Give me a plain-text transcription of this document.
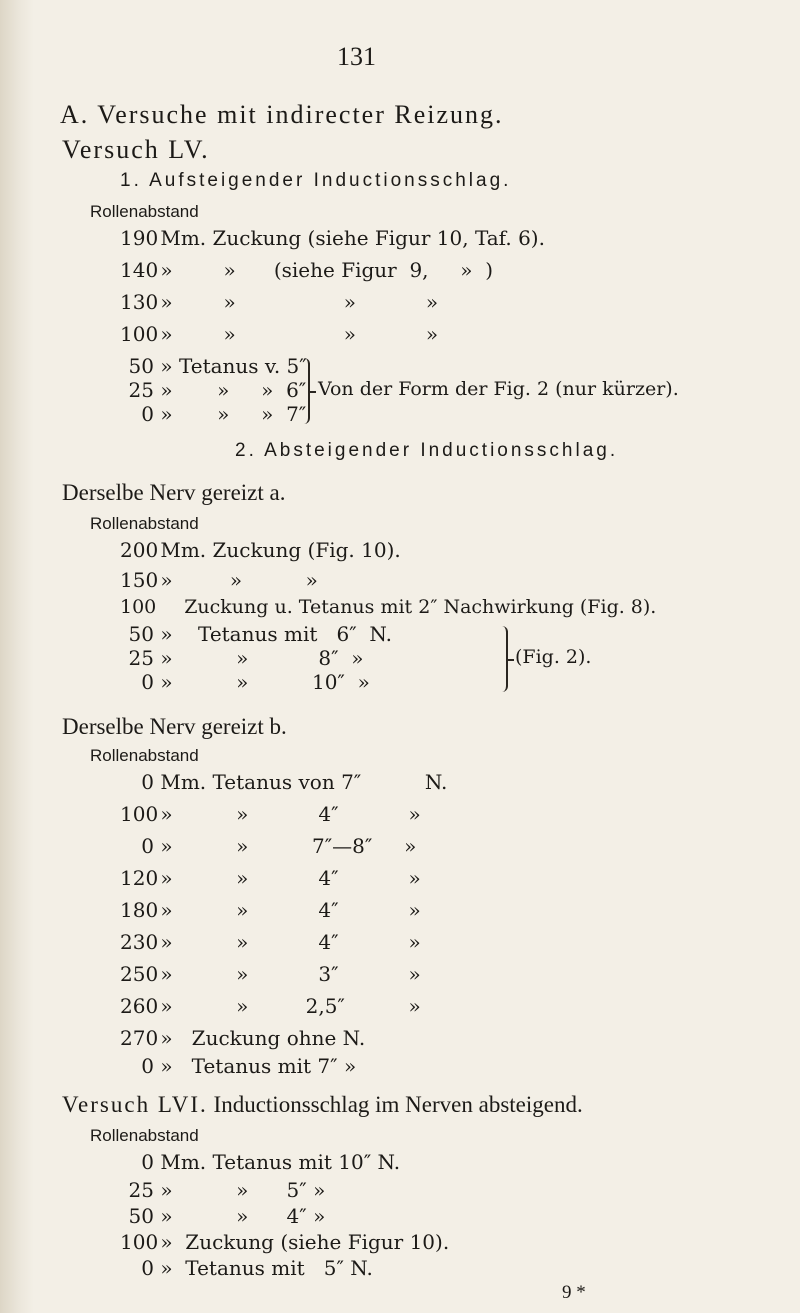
131
A. Versuche mit indirecter Reizung.
Versuch LV.
1. Aufsteigender Inductionsschlag.
Rollenabstand
190 Mm. Zuckung (siehe Figur 10, Taf. 6).
140 »        »      (siehe Figur  9,     »  )
130 »        »                 »           »
100 »        »                 »           »
50 » Tetanus v. 5″
25 »       »     »  6″
0 »       »     »  7″
Von der Form der Fig. 2 (nur kürzer).
2. Absteigender Inductionsschlag.
Derselbe Nerv gereizt a.
Rollenabstand
200 Mm. Zuckung (Fig. 10).
150 »         »          »
100 Zuckung u. Tetanus mit 2″ Nachwirkung (Fig. 8).
50 »    Tetanus mit   6″  N.
25 »          »           8″  »
0 »          »          10″  »
(Fig. 2).
Derselbe Nerv gereizt b.
Rollenabstand
0 Mm. Tetanus von 7″          N.
100 »          »           4″           »
0 »          »          7″—8″     »
120 »          »           4″           »
180 »          »           4″           »
230 »          »           4″           »
250 »          »           3″           »
260 »          »         2,5″          »
270 »   Zuckung ohne N.
0 »   Tetanus mit 7″ »
Versuch LVI. Inductionsschlag im Nerven absteigend.
Rollenabstand
0 Mm. Tetanus mit 10″ N.
25 »          »      5″ »
50 »          »      4″ »
100 »  Zuckung (siehe Figur 10).
0 »  Tetanus mit   5″ N.
9 *
